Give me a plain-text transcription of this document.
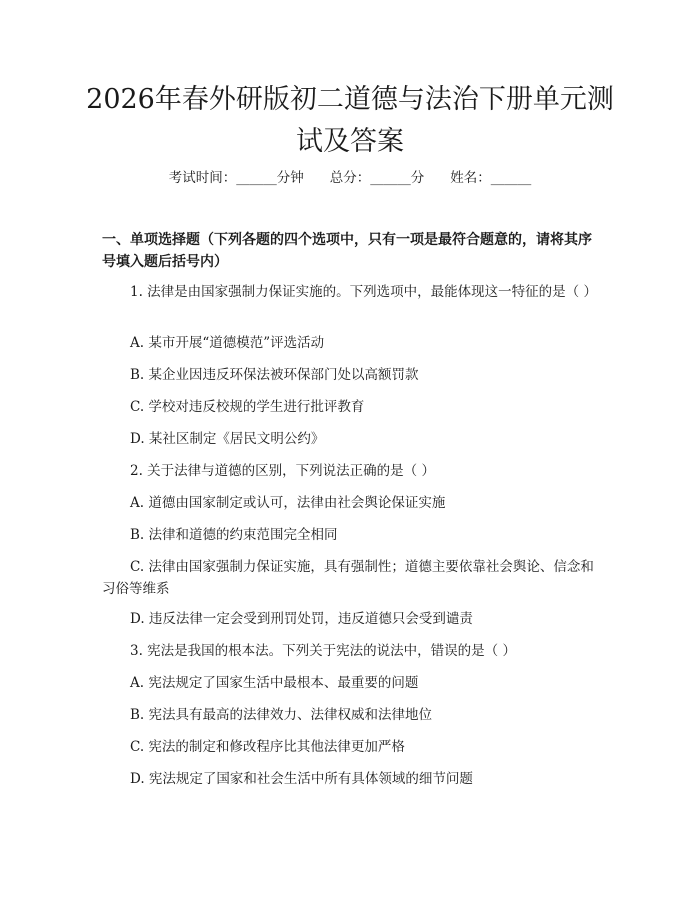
2026年春外研版初二道德与法治下册单元测
试及答案
考试时间：______分钟 总分：______分 姓名：______
一、单项选择题（下列各题的四个选项中，只有一项是最符合题意的，请将其序号填入题后括号内）
1. 法律是由国家强制力保证实施的。下列选项中，最能体现这一特征的是（ ）
A. 某市开展“道德模范”评选活动
B. 某企业因违反环保法被环保部门处以高额罚款
C. 学校对违反校规的学生进行批评教育
D. 某社区制定《居民文明公约》
2. 关于法律与道德的区别，下列说法正确的是（ ）
A. 道德由国家制定或认可，法律由社会舆论保证实施
B. 法律和道德的约束范围完全相同
C. 法律由国家强制力保证实施，具有强制性；道德主要依靠社会舆论、信念和习俗等维系
D. 违反法律一定会受到刑罚处罚，违反道德只会受到谴责
3. 宪法是我国的根本法。下列关于宪法的说法中，错误的是（ ）
A. 宪法规定了国家生活中最根本、最重要的问题
B. 宪法具有最高的法律效力、法律权威和法律地位
C. 宪法的制定和修改程序比其他法律更加严格
D. 宪法规定了国家和社会生活中所有具体领域的细节问题
